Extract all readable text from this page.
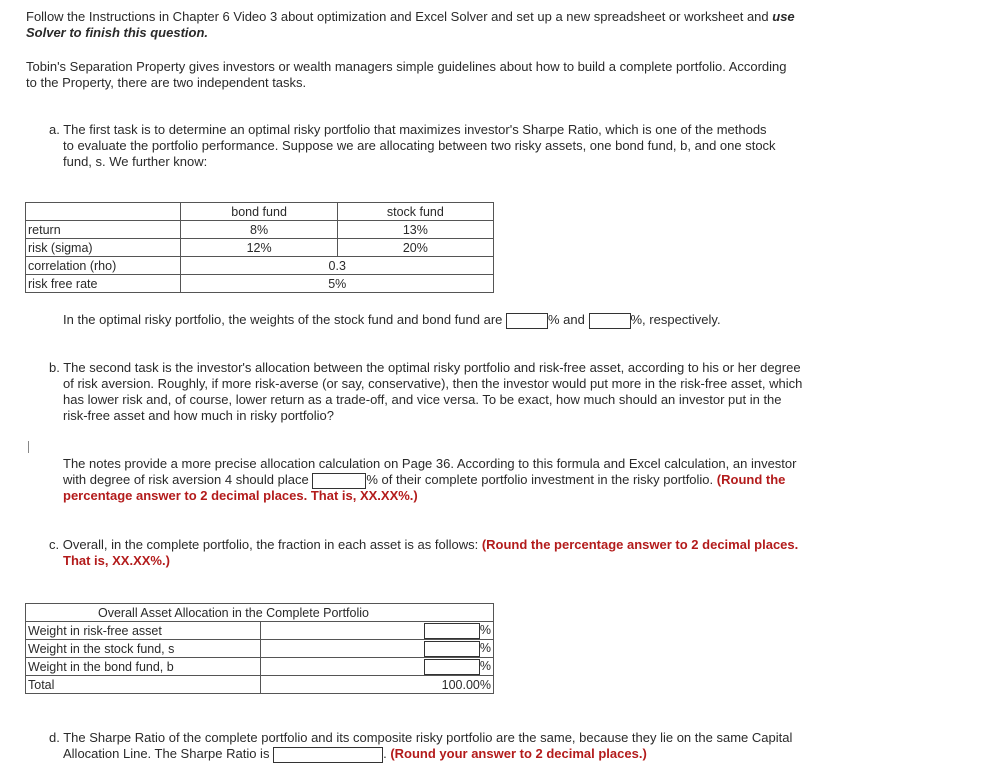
Follow the Instructions in Chapter 6 Video 3 about optimization and Excel Solver and set up a new spreadsheet or worksheet and use
Solver to finish this question.
Tobin's Separation Property gives investors or wealth managers simple guidelines about how to build a complete portfolio. According
to the Property, there are two independent tasks.
a. The first task is to determine an optimal risky portfolio that maximizes investor's Sharpe Ratio, which is one of the methods
to evaluate the portfolio performance. Suppose we are allocating between two risky assets, one bond fund, b, and one stock
fund, s. We further know:
	bond fund	stock fund
return	8%	13%
risk (sigma)	12%	20%
correlation (rho)	0.3	
risk free rate	5%	
In the optimal risky portfolio, the weights of the stock fund and bond fund are	% and	%, respectively.
b. The second task is the investor's allocation between the optimal risky portfolio and risk-free asset, according to his or her degree
of risk aversion. Roughly, if more risk-averse (or say, conservative), then the investor would put more in the risk-free asset, which
has lower risk and, of course, lower return as a trade-off, and vice versa. To be exact, how much should an investor put in the
risk-free asset and how much in risky portfolio?
The notes provide a more precise allocation calculation on Page 36. According to this formula and Excel calculation, an investor
with degree of risk aversion 4 should place	% of their complete portfolio investment in the risky portfolio. (Round the
percentage answer to 2 decimal places. That is, XX.XX%.)
c. Overall, in the complete portfolio, the fraction in each asset is as follows: (Round the percentage answer to 2 decimal places.
That is, XX.XX%.)
Overall Asset Allocation in the Complete Portfolio	
Weight in risk-free asset	%
Weight in the stock fund, s	%
Weight in the bond fund, b	%
Total	100.00%
d. The Sharpe Ratio of the complete portfolio and its composite risky portfolio are the same, because they lie on the same Capital
Allocation Line. The Sharpe Ratio is	. (Round your answer to 2 decimal places.)
